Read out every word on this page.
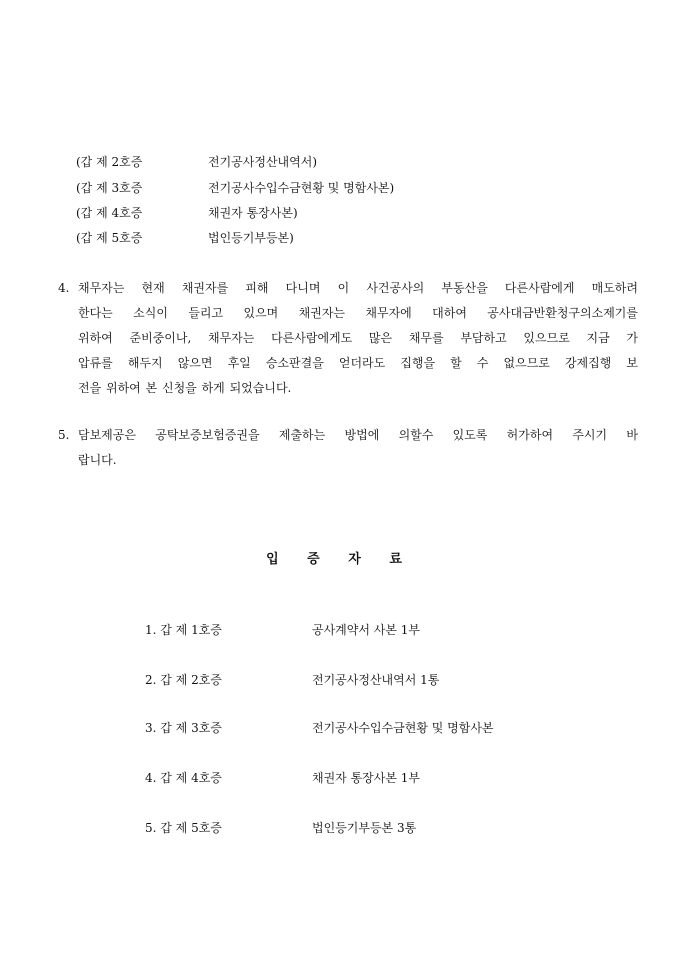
(갑 제 2호증	전기공사정산내역서)
(갑 제 3호증	전기공사수입수금현황 및 명함사본)
(갑 제 4호증	채권자 통장사본)
(갑 제 5호증	법인등기부등본)
4. 채무자는 현재 채권자를 피해 다니며 이 사건공사의 부동산을 다른사람에게 매도하려
한다는 소식이 들리고 있으며 채권자는 채무자에 대하여 공사대금반환청구의소제기를
위하여 준비중이나, 채무자는 다른사람에게도 많은 채무를 부담하고 있으므로 지금 가
압류를 해두지 않으면 후일 승소판결을 얻더라도 집행을 할 수 없으므로 강제집행 보
전을 위하여 본 신청을 하게 되었습니다.
5. 담보제공은 공탁보증보험증권을 제출하는 방법에 의할수 있도록 허가하여 주시기 바
랍니다.
입 증 자 료
1. 갑 제 1호증	공사계약서 사본 1부
2. 갑 제 2호증	전기공사정산내역서 1통
3. 갑 제 3호증	전기공사수입수금현황 및 명함사본
4. 갑 제 4호증	채권자 통장사본 1부
5. 갑 제 5호증	법인등기부등본 3통
